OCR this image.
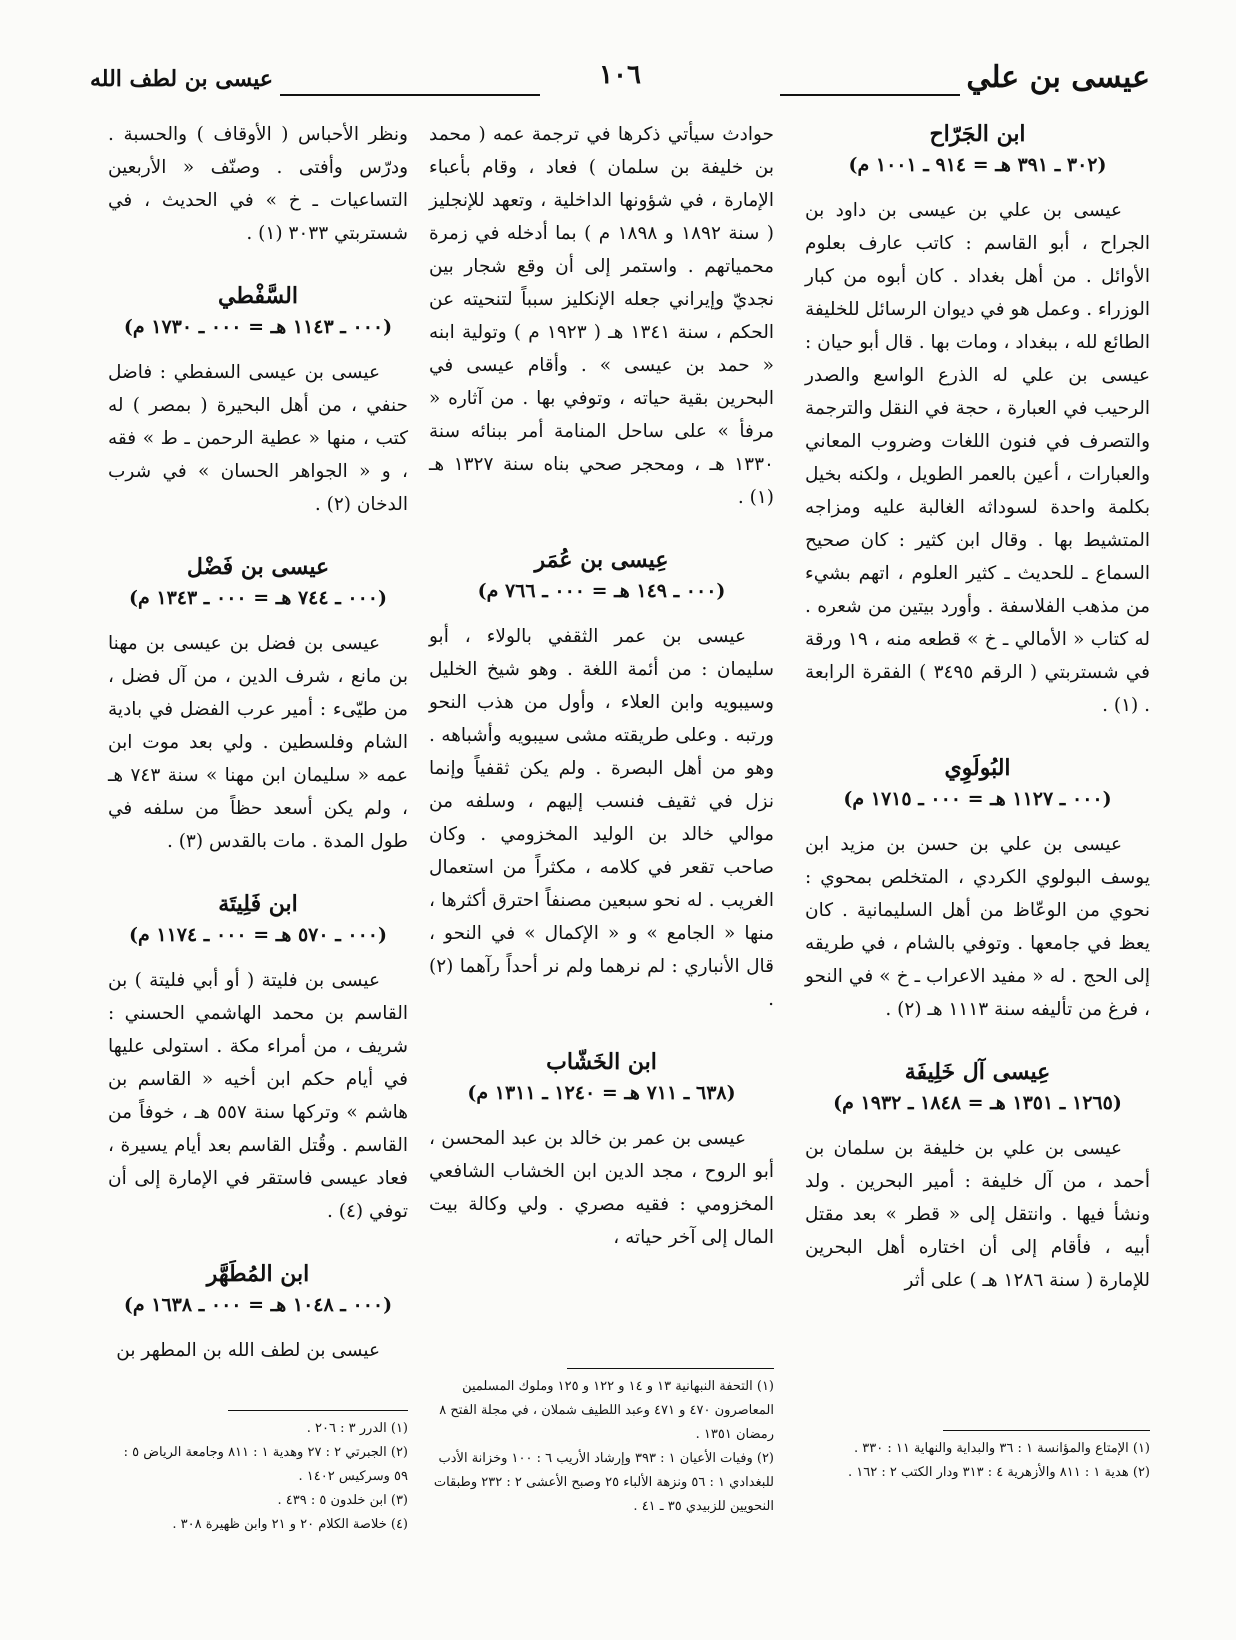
عيسى بن علي
١٠٦
عيسى بن لطف الله
ابن الجَرّاح
(٣٠٢ ـ ٣٩١ هـ = ٩١٤ ـ ١٠٠١ م)
عيسى بن علي بن عيسى بن داود بن الجراح ، أبو القاسم : كاتب عارف بعلوم الأوائل . من أهل بغداد . كان أبوه من كبار الوزراء . وعمل هو في ديوان الرسائل للخليفة الطائع لله ، ببغداد ، ومات بها . قال أبو حيان : عيسى بن علي له الذرع الواسع والصدر الرحيب في العبارة ، حجة في النقل والترجمة والتصرف في فنون اللغات وضروب المعاني والعبارات ، أعين بالعمر الطويل ، ولكنه بخيل بكلمة واحدة لسوداثه الغالبة عليه ومزاجه المتشيط بها . وقال ابن كثير : كان صحيح السماع ـ للحديث ـ كثير العلوم ، اتهم بشيء من مذهب الفلاسفة . وأورد بيتين من شعره . له كتاب « الأمالي ـ خ » قطعه منه ، ١٩ ورقة في شستربتي ( الرقم ٣٤٩٥ ) الفقرة الرابعة . (١) .
البُولَوِي
(٠٠٠ ـ ١١٢٧ هـ = ٠٠٠ ـ ١٧١٥ م)
عيسى بن علي بن حسن بن مزيد ابن يوسف البولوي الكردي ، المتخلص بمحوي : نحوي من الوعّاظ من أهل السليمانية . كان يعظ في جامعها . وتوفي بالشام ، في طريقه إلى الحج . له « مفيد الاعراب ـ خ » في النحو ، فرغ من تأليفه سنة ١١١٣ هـ (٢) .
عِيسى آل خَلِيفَة
(١٢٦٥ ـ ١٣٥١ هـ = ١٨٤٨ ـ ١٩٣٢ م)
عيسى بن علي بن خليفة بن سلمان بن أحمد ، من آل خليفة : أمير البحرين . ولد ونشأ فيها . وانتقل إلى « قطر » بعد مقتل أبيه ، فأقام إلى أن اختاره أهل البحرين للإمارة ( سنة ١٢٨٦ هـ ) على أثر
(١) الإمتاع والمؤانسة ١ : ٣٦ والبداية والنهاية ١١ : ٣٣٠ .
(٢) هدية ١ : ٨١١ والأزهرية ٤ : ٣١٣ ودار الكتب ٢ : ١٦٢ .
حوادث سيأتي ذكرها في ترجمة عمه ( محمد بن خليفة بن سلمان ) فعاد ، وقام بأعباء الإمارة ، في شؤونها الداخلية ، وتعهد للإنجليز ( سنة ١٨٩٢ و ١٨٩٨ م ) بما أدخله في زمرة محمياتهم . واستمر إلى أن وقع شجار بين نجديّ وإيراني جعله الإنكليز سبباً لتنحيته عن الحكم ، سنة ١٣٤١ هـ ( ١٩٢٣ م ) وتولية ابنه « حمد بن عيسى » . وأقام عيسى في البحرين بقية حياته ، وتوفي بها . من آثاره « مرفأ » على ساحل المنامة أمر ببنائه سنة ١٣٣٠ هـ ، ومحجر صحي بناه سنة ١٣٢٧ هـ (١) .
عِيسى بن عُمَر
(٠٠٠ ـ ١٤٩ هـ = ٠٠٠ ـ ٧٦٦ م)
عيسى بن عمر الثقفي بالولاء ، أبو سليمان : من أئمة اللغة . وهو شيخ الخليل وسيبويه وابن العلاء ، وأول من هذب النحو ورتبه . وعلى طريقته مشى سيبويه وأشباهه . وهو من أهل البصرة . ولم يكن ثقفياً وإنما نزل في ثقيف فنسب إليهم ، وسلفه من موالي خالد بن الوليد المخزومي . وكان صاحب تقعر في كلامه ، مكثراً من استعمال الغريب . له نحو سبعين مصنفاً احترق أكثرها ، منها « الجامع » و « الإكمال » في النحو ، قال الأنباري : لم نرهما ولم نر أحداً رآهما (٢) .
ابن الخَشّاب
(٦٣٨ ـ ٧١١ هـ = ١٢٤٠ ـ ١٣١١ م)
عيسى بن عمر بن خالد بن عبد المحسن ، أبو الروح ، مجد الدين ابن الخشاب الشافعي المخزومي : فقيه مصري . ولي وكالة بيت المال إلى آخر حياته ،
(١) التحفة النبهانية ١٣ و ١٤ و ١٢٢ و ١٢٥ وملوك المسلمين المعاصرون ٤٧٠ و ٤٧١ وعبد اللطيف شملان ، في مجلة الفتح ٨ رمضان ١٣٥١ .
(٢) وفيات الأعيان ١ : ٣٩٣ وإرشاد الأريب ٦ : ١٠٠ وخزانة الأدب للبغدادي ١ : ٥٦ ونزهة الألباء ٢٥ وصبح الأعشى ٢ : ٢٣٢ وطبقات النحويين للزبيدي ٣٥ ـ ٤١ .
ونظر الأحباس ( الأوقاف ) والحسبة . ودرّس وأفتى . وصنّف « الأربعين التساعيات ـ خ » في الحديث ، في شستربتي ٣٠٣٣ (١) .
السَّفْطي
(٠٠٠ ـ ١١٤٣ هـ = ٠٠٠ ـ ١٧٣٠ م)
عيسى بن عيسى السفطي : فاضل حنفي ، من أهل البحيرة ( بمصر ) له كتب ، منها « عطية الرحمن ـ ط » فقه ، و « الجواهر الحسان » في شرب الدخان (٢) .
عيسى بن فَضْل
(٠٠٠ ـ ٧٤٤ هـ = ٠٠٠ ـ ١٣٤٣ م)
عيسى بن فضل بن عيسى بن مهنا بن مانع ، شرف الدين ، من آل فضل ، من طيّىء : أمير عرب الفضل في بادية الشام وفلسطين . ولي بعد موت ابن عمه « سليمان ابن مهنا » سنة ٧٤٣ هـ ، ولم يكن أسعد حظاً من سلفه في طول المدة . مات بالقدس (٣) .
ابن فَلِيتَة
(٠٠٠ ـ ٥٧٠ هـ = ٠٠٠ ـ ١١٧٤ م)
عيسى بن فليتة ( أو أبي فليتة ) بن القاسم بن محمد الهاشمي الحسني : شريف ، من أمراء مكة . استولى عليها في أيام حكم ابن أخيه « القاسم بن هاشم » وتركها سنة ٥٥٧ هـ ، خوفاً من القاسم . وقُتل القاسم بعد أيام يسيرة ، فعاد عيسى فاستقر في الإمارة إلى أن توفي (٤) .
ابن المُطَهَّر
(٠٠٠ ـ ١٠٤٨ هـ = ٠٠٠ ـ ١٦٣٨ م)
عيسى بن لطف الله بن المطهر بن
(١) الدرر ٣ : ٢٠٦ .
(٢) الجبرتي ٢ : ٢٧ وهدية ١ : ٨١١ وجامعة الرياض ٥ : ٥٩ وسركيس ١٤٠٢ .
(٣) ابن خلدون ٥ : ٤٣٩ .
(٤) خلاصة الكلام ٢٠ و ٢١ وابن ظهيرة ٣٠٨ .
